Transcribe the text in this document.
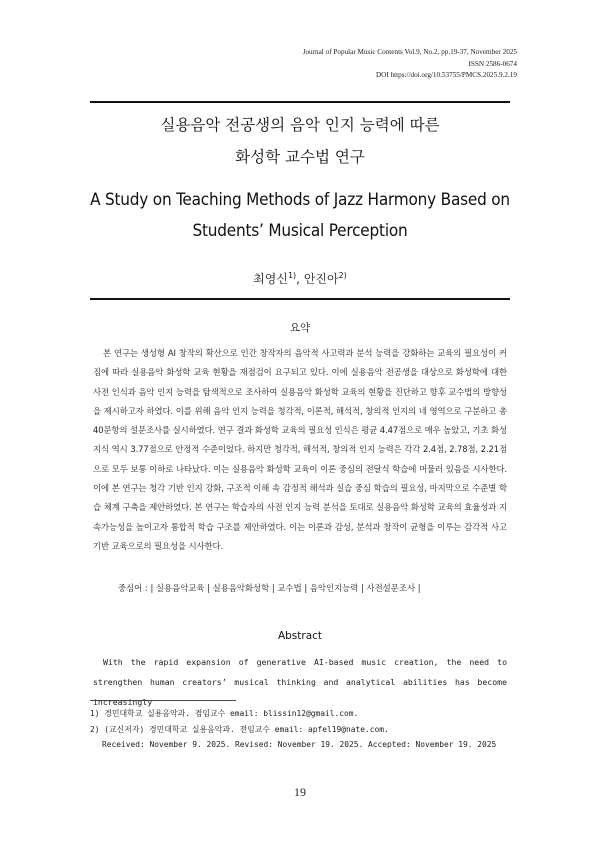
Journal of Popular Music Contents Vol.9, No.2, pp.19-37, November 2025
ISSN 2586-0674
DOI https://doi.org/10.53755/PMCS.2025.9.2.19
실용음악 전공생의 음악 인지 능력에 따른
화성학 교수법 연구
A Study on Teaching Methods of Jazz Harmony Based on
Students’ Musical Perception
최영신$^{1)}$, 안진아$^{2)}$
요약

본 연구는 생성형 AI 창작의 확산으로 인간 창작자의 음악적 사고력과 분석 능력을 강화하는 교육의 필요성이 커짐에 따라 실용음악 화성학 교육 현황을 재점검이 요구되고 있다. 이에 실용음악 전공생을 대상으로 화성학에 대한 사전 인식과 음악 인지 능력을 탐색적으로 조사하여 실용음악 화성학 교육의 현황을 진단하고 향후 교수법의 방향성을 제시하고자 하였다. 이를 위해 음악 인지 능력을 청각적, 이론적, 해석적, 창의적 인지의 네 영역으로 구분하고 총 40문항의 설문조사를 실시하였다. 연구 결과 화성학 교육의 필요성 인식은 평균 4.47점으로 매우 높았고, 기초 화성 지식 역시 3.77점으로 안정적 수준이었다. 하지만 청각적, 해석적, 창의적 인지 능력은 각각 2.4점, 2.78점, 2.21점으로 모두 보통 이하로 나타났다. 이는 실용음악 화성학 교육이 이론 중심의 전달식 학습에 머물러 있음을 시사한다. 이에 본 연구는 청각 기반 인지 강화, 구조적 이해 속 감정적 해석과 실습 중심 학습의 필요성, 마지막으로 수준별 학습 체계 구축을 제안하였다. 본 연구는 학습자의 사전 인지 능력 분석을 토대로 실용음악 화성학 교육의 효율성과 지속가능성을 높이고자 통합적 학습 구조를 제안하였다. 이는 이론과 감성, 분석과 창작이 균형을 이루는 감각적 사고 기반 교육으로의 필요성을 시사한다.

중심어 : | 실용음악교육 | 실용음악화성학 | 교수법 | 음악인지능력 | 사전설문조사 |
Abstract

With the rapid expansion of generative AI-based music creation, the need to strengthen human creators’ musical thinking and analytical abilities has become increasingly

1) 경민대학교 실용음악과. 겸임교수 email: blissin12@gmail.com.
2) (교신저자) 경민대학교 실용음악과. 전임교수 email: apfel19@nate.com.
Received: November 9. 2025. Revised: November 19. 2025. Accepted: November 19. 2025
19
